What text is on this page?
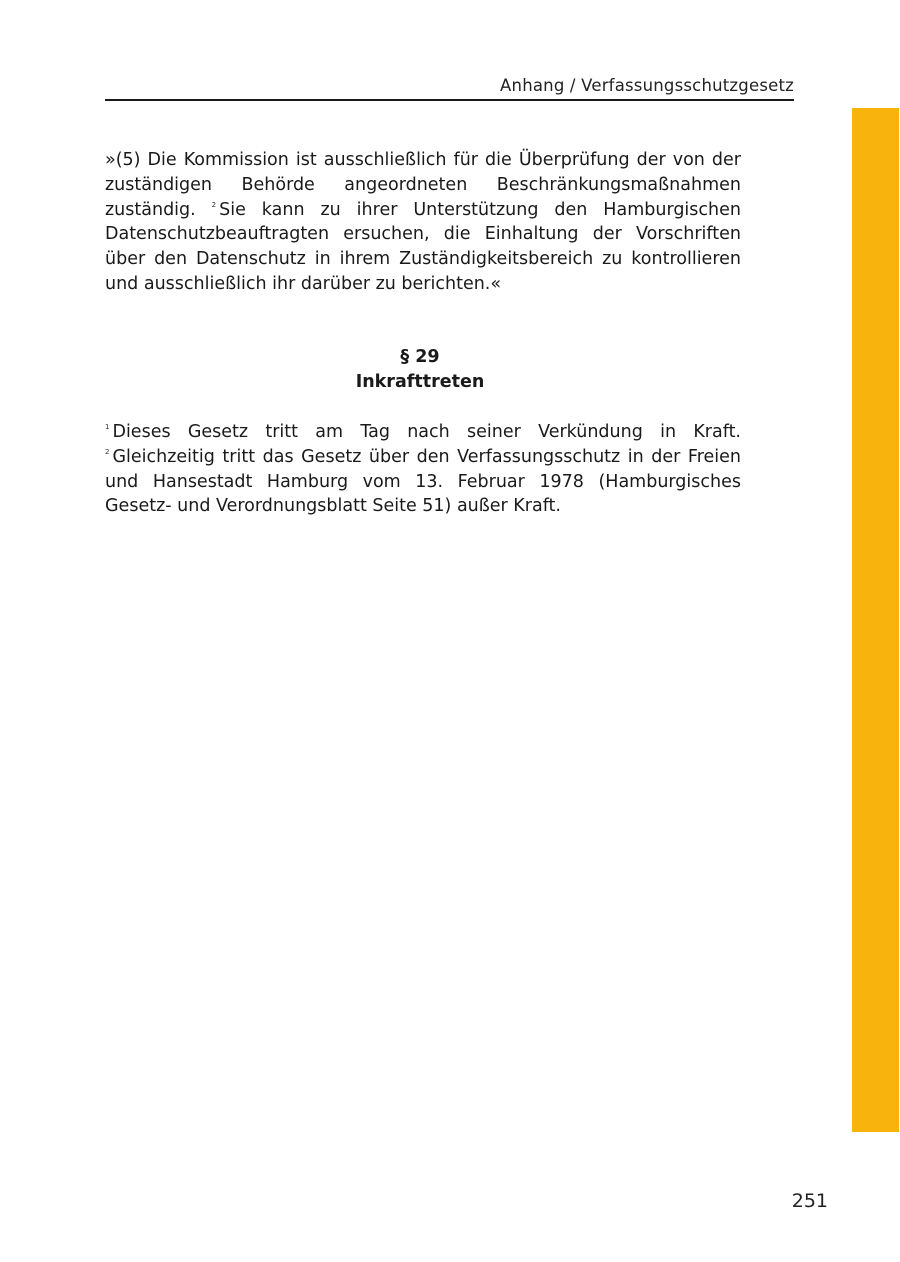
Anhang / Verfassungsschutzgesetz

»(5) Die Kommission ist ausschließlich für die Überprüfung der von der zuständigen Behörde angeordneten Beschränkungsmaßnahmen zuständig. $^2$ Sie kann zu ihrer Unterstützung den Hamburgischen Datenschutzbeauftragten ersuchen, die Einhaltung der Vorschriften über den Datenschutz in ihrem Zuständigkeitsbereich zu kontrollieren und ausschließlich ihr darüber zu berichten.«

§ 29
Inkrafttreten

$^1$ Dieses Gesetz tritt am Tag nach seiner Verkündung in Kraft. $^2$ Gleichzeitig tritt das Gesetz über den Verfassungsschutz in der Freien und Hansestadt Hamburg vom 13. Februar 1978 (Hamburgisches Gesetz- und Verordnungsblatt Seite 51) außer Kraft.

251
